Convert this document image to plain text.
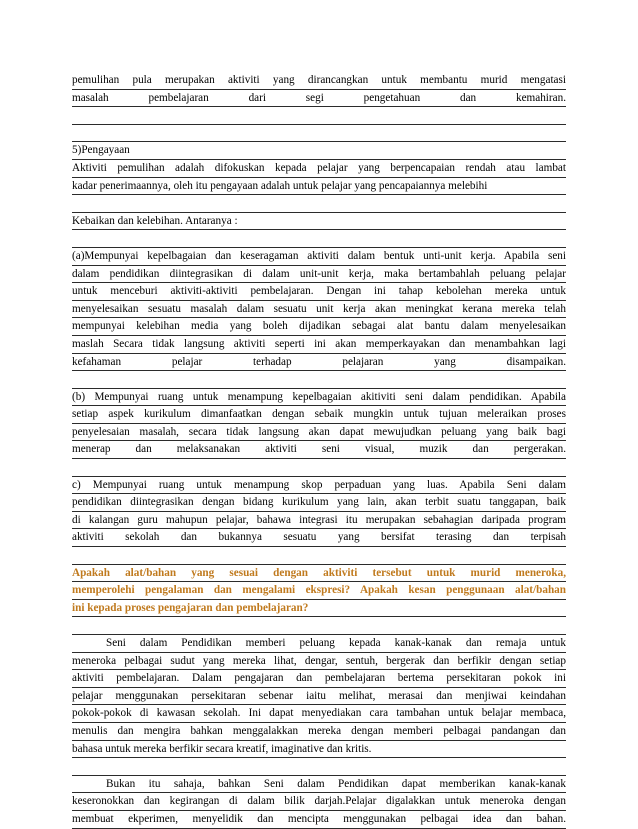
pemulihan pula merupakan aktiviti yang dirancangkan untuk membantu murid mengatasi
masalah pembelajaran dari segi pengetahuan dan kemahiran.
5)Pengayaan
Aktiviti pemulihan adalah difokuskan kepada pelajar yang berpencapaian rendah atau lambat
kadar penerimaannya, oleh itu pengayaan adalah untuk pelajar yang pencapaiannya melebihi
Kebaikan dan kelebihan. Antaranya :
(a)Mempunyai kepelbagaian dan keseragaman aktiviti dalam bentuk unti-unit kerja. Apabila seni
dalam pendidikan diintegrasikan di dalam unit-unit kerja, maka bertambahlah peluang pelajar
untuk menceburi aktiviti-aktiviti pembelajaran. Dengan ini tahap kebolehan mereka untuk
menyelesaikan sesuatu masalah dalam sesuatu unit kerja akan meningkat kerana mereka telah
mempunyai kelebihan media yang boleh dijadikan sebagai alat bantu dalam menyelesaikan
maslah Secara tidak langsung aktiviti seperti ini akan memperkayakan dan menambahkan lagi
kefahaman pelajar terhadap pelajaran yang disampaikan.
(b) Mempunyai ruang untuk menampung kepelbagaian akitiviti seni dalam pendidikan. Apabila
setiap aspek kurikulum dimanfaatkan dengan sebaik mungkin untuk tujuan meleraikan proses
penyelesaian masalah, secara tidak langsung akan dapat mewujudkan peluang yang baik bagi
menerap dan melaksanakan aktiviti seni visual, muzik dan pergerakan.
c) Mempunyai ruang untuk menampung skop perpaduan yang luas. Apabila Seni dalam
pendidikan diintegrasikan dengan bidang kurikulum yang lain, akan terbit suatu tanggapan, baik
di kalangan guru mahupun pelajar, bahawa integrasi itu merupakan sebahagian daripada program
aktiviti sekolah dan bukannya sesuatu yang bersifat terasing dan terpisah
Apakah alat/bahan yang sesuai dengan aktiviti tersebut untuk murid meneroka,
memperolehi pengalaman dan mengalami ekspresi? Apakah kesan penggunaan alat/bahan
ini kepada proses pengajaran dan pembelajaran?
Seni dalam Pendidikan memberi peluang kepada kanak-kanak dan remaja untuk
meneroka pelbagai sudut yang mereka lihat, dengar, sentuh, bergerak dan berfikir dengan setiap
aktiviti pembelajaran. Dalam pengajaran dan pembelajaran bertema persekitaran pokok ini
pelajar menggunakan persekitaran sebenar iaitu melihat, merasai dan menjiwai keindahan
pokok-pokok di kawasan sekolah. Ini dapat menyediakan cara tambahan untuk belajar membaca,
menulis dan mengira bahkan menggalakkan mereka dengan memberi pelbagai pandangan dan
bahasa untuk mereka berfikir secara kreatif, imaginative dan kritis.
Bukan itu sahaja, bahkan Seni dalam Pendidikan dapat memberikan kanak-kanak
keseronokkan dan kegirangan di dalam bilik darjah.Pelajar digalakkan untuk meneroka dengan
membuat ekperimen, menyelidik dan mencipta menggunakan pelbagai idea dan bahan.
